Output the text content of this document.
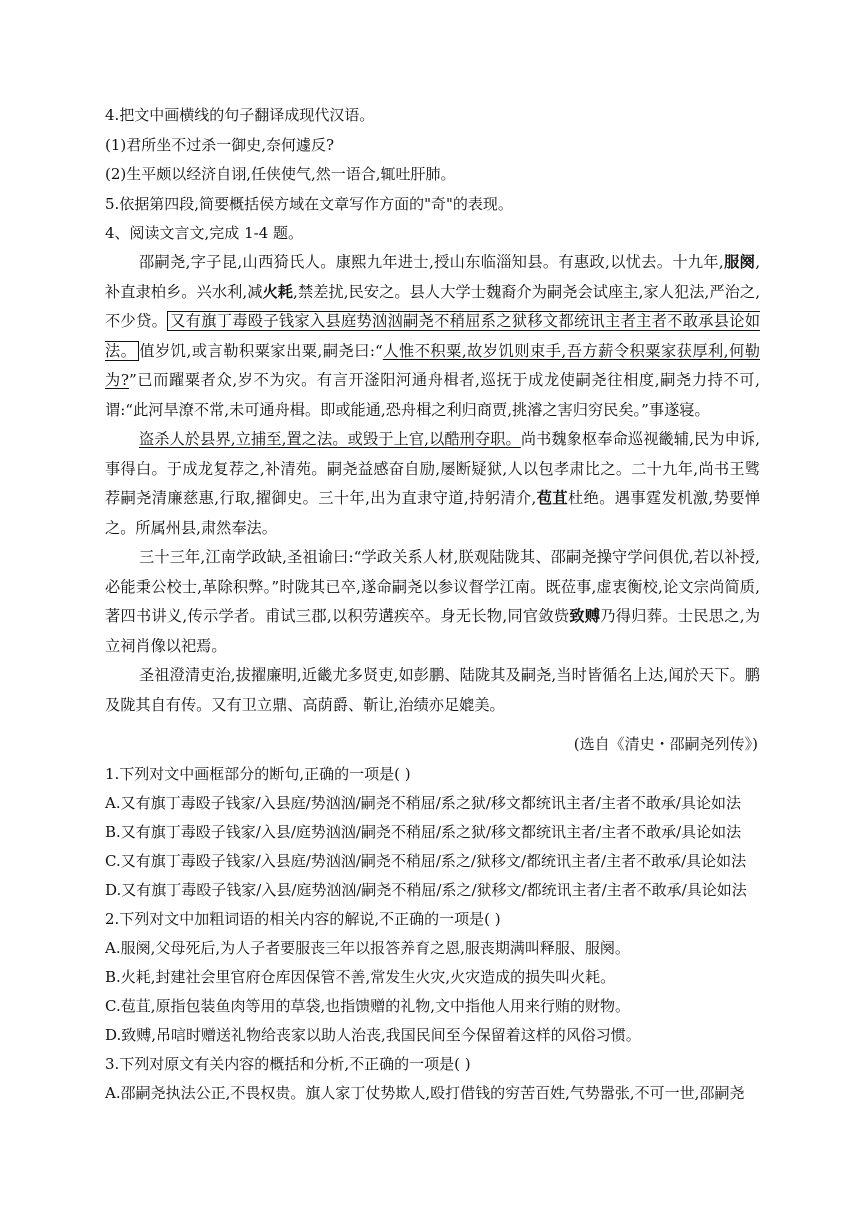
4.把文中画横线的句子翻译成现代汉语。
(1)君所坐不过杀一御史,奈何遽反?
(2)生平颇以经济自诩,任侠使气,然一语合,辄吐肝肺。
5.依据第四段,简要概括侯方域在文章写作方面的"奇"的表现。
4、阅读文言文,完成 1-4 题。

邵嗣尧,字子昆,山西猗氏人。康熙九年进士,授山东临淄知县。有惠政,以忧去。十九年,服阕,补直隶柏乡。兴水利,减火耗,禁差扰,民安之。县人大学士魏裔介为嗣尧会试座主,家人犯法,严治之,不少贷。 又有旗丁毒殴子钱家入县庭势汹汹嗣尧不稍屈系之狱移文都统讯主者主者不敢承县论如法。 值岁饥,或言勒积粟家出粟,嗣尧曰:“人惟不积粟,故岁饥则束手,吾方薪令积粟家获厚利,何勒为?”已而躍粟者众,岁不为灾。有言开滏阳河通舟楫者,巡抚于成龙使嗣尧往相度,嗣尧力持不可,谓:“此河旱潦不常,未可通舟楫。即或能通,恐舟楫之利归商贾,挑濬之害归穷民矣。”事遂寝。

盗杀人於县界,立捕至,置之法。或毁于上官,以酷刑夺职。尚书魏象枢奉命巡视畿辅,民为申诉,事得白。于成龙复荐之,补清苑。嗣尧益感奋自励,屡断疑狱,人以包孝肃比之。二十九年,尚书王骘荐嗣尧清廉慈惠,行取,擢御史。三十年,出为直隶守道,持躬清介,苞苴杜绝。遇事霆发机激,势要惮之。所属州县,肃然奉法。

三十三年,江南学政缺,圣祖谕曰:“学政关系人材,朕观陆陇其、邵嗣尧操守学问俱优,若以补授,必能秉公校士,革除积弊。”时陇其已卒,遂命嗣尧以参议督学江南。既莅事,虚衷衡校,论文宗尚简质,著四书讲义,传示学者。甫试三郡,以积劳遘疾卒。身无长物,同官敛赀致赙乃得归葬。士民思之,为立祠肖像以祀焉。

圣祖澄清吏治,拔擢廉明,近畿尤多贤吏,如彭鹏、陆陇其及嗣尧,当时皆循名上达,闻於天下。鹏及陇其自有传。又有卫立鼎、高荫爵、靳让,治绩亦足媲美。

(选自《清史・邵嗣尧列传》)
1.下列对文中画框部分的断句,正确的一项是( )
A.又有旗丁毒殴子钱家/入县庭/势汹汹/嗣尧不稍屈/系之狱/移文都统讯主者/主者不敢承/具论如法
B.又有旗丁毒殴子钱家/入县/庭势汹汹/嗣尧不稍屈/系之狱/移文都统讯主者/主者不敢承/具论如法
C.又有旗丁毒殴子钱家/入县庭/势汹汹/嗣尧不稍屈/系之/狱移文/都统讯主者/主者不敢承/具论如法
D.又有旗丁毒殴子钱家/入县/庭势汹汹/嗣尧不稍屈/系之/狱移文/都统讯主者/主者不敢承/具论如法
2.下列对文中加粗词语的相关内容的解说,不正确的一项是( )
A.服阕,父母死后,为人子者要服丧三年以报答养育之恩,服丧期满叫释服、服阕。
B.火耗,封建社会里官府仓库因保管不善,常发生火灾,火灾造成的损失叫火耗。
C.苞苴,原指包装鱼肉等用的草袋,也指馈赠的礼物,文中指他人用来行贿的财物。
D.致赙,吊唁时赠送礼物给丧家以助人治丧,我国民间至今保留着这样的风俗习惯。
3.下列对原文有关内容的概括和分析,不正确的一项是( )
A.邵嗣尧执法公正,不畏权贵。旗人家丁仗势欺人,殴打借钱的穷苦百姓,气势嚣张,不可一世,邵嗣尧
